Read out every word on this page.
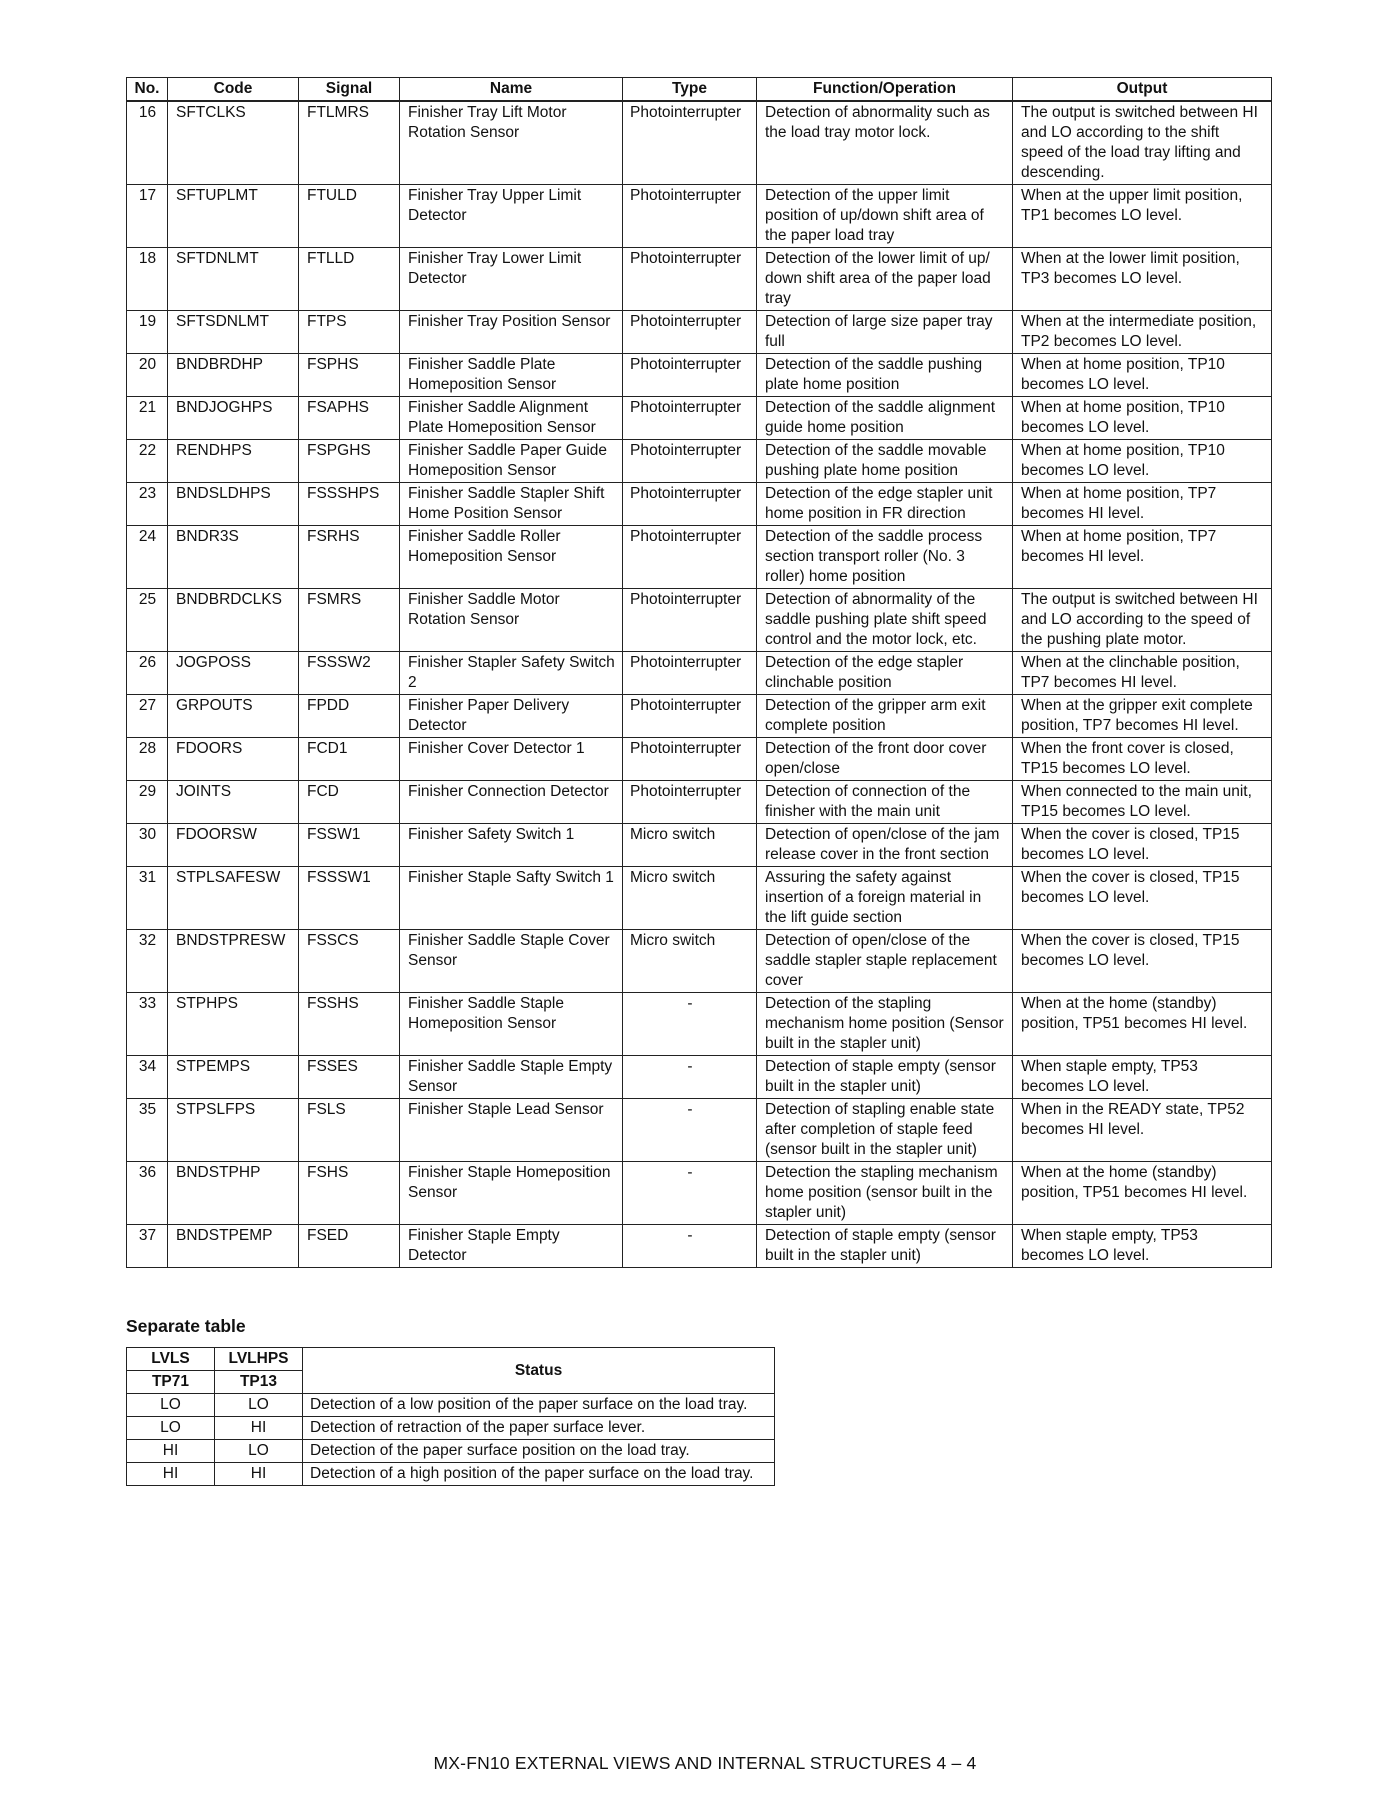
No.	Code	Signal	Name	Type	Function/Operation	Output
16	SFTCLKS	FTLMRS	Finisher Tray Lift Motor Rotation Sensor	Photointerrupter	Detection of abnormality such as the load tray motor lock.	The output is switched between HI and LO according to the shift speed of the load tray lifting and descending.
17	SFTUPLMT	FTULD	Finisher Tray Upper Limit Detector	Photointerrupter	Detection of the upper limit position of up/down shift area of the paper load tray	When at the upper limit position, TP1 becomes LO level.
18	SFTDNLMT	FTLLD	Finisher Tray Lower Limit Detector	Photointerrupter	Detection of the lower limit of up/ down shift area of the paper load tray	When at the lower limit position, TP3 becomes LO level.
19	SFTSDNLMT	FTPS	Finisher Tray Position Sensor	Photointerrupter	Detection of large size paper tray full	When at the intermediate position, TP2 becomes LO level.
20	BNDBRDHP	FSPHS	Finisher Saddle Plate Homeposition Sensor	Photointerrupter	Detection of the saddle pushing plate home position	When at home position, TP10 becomes LO level.
21	BNDJOGHPS	FSAPHS	Finisher Saddle Alignment Plate Homeposition Sensor	Photointerrupter	Detection of the saddle alignment guide home position	When at home position, TP10 becomes LO level.
22	RENDHPS	FSPGHS	Finisher Saddle Paper Guide Homeposition Sensor	Photointerrupter	Detection of the saddle movable pushing plate home position	When at home position, TP10 becomes LO level.
23	BNDSLDHPS	FSSSHPS	Finisher Saddle Stapler Shift Home Position Sensor	Photointerrupter	Detection of the edge stapler unit home position in FR direction	When at home position, TP7 becomes HI level.
24	BNDR3S	FSRHS	Finisher Saddle Roller Homeposition Sensor	Photointerrupter	Detection of the saddle process section transport roller (No. 3 roller) home position	When at home position, TP7 becomes HI level.
25	BNDBRDCLKS	FSMRS	Finisher Saddle Motor Rotation Sensor	Photointerrupter	Detection of abnormality of the saddle pushing plate shift speed control and the motor lock, etc.	The output is switched between HI and LO according to the speed of the pushing plate motor.
26	JOGPOSS	FSSSW2	Finisher Stapler Safety Switch 2	Photointerrupter	Detection of the edge stapler clinchable position	When at the clinchable position, TP7 becomes HI level.
27	GRPOUTS	FPDD	Finisher Paper Delivery Detector	Photointerrupter	Detection of the gripper arm exit complete position	When at the gripper exit complete position, TP7 becomes HI level.
28	FDOORS	FCD1	Finisher Cover Detector 1	Photointerrupter	Detection of the front door cover open/close	When the front cover is closed, TP15 becomes LO level.
29	JOINTS	FCD	Finisher Connection Detector	Photointerrupter	Detection of connection of the finisher with the main unit	When connected to the main unit, TP15 becomes LO level.
30	FDOORSW	FSSW1	Finisher Safety Switch 1	Micro switch	Detection of open/close of the jam release cover in the front section	When the cover is closed, TP15 becomes LO level.
31	STPLSAFESW	FSSSW1	Finisher Staple Safty Switch 1	Micro switch	Assuring the safety against insertion of a foreign material in the lift guide section	When the cover is closed, TP15 becomes LO level.
32	BNDSTPRESW	FSSCS	Finisher Saddle Staple Cover Sensor	Micro switch	Detection of open/close of the saddle stapler staple replacement cover	When the cover is closed, TP15 becomes LO level.
33	STPHPS	FSSHS	Finisher Saddle Staple Homeposition Sensor	-	Detection of the stapling mechanism home position (Sensor built in the stapler unit)	When at the home (standby) position, TP51 becomes HI level.
34	STPEMPS	FSSES	Finisher Saddle Staple Empty Sensor	-	Detection of staple empty (sensor built in the stapler unit)	When staple empty, TP53 becomes LO level.
35	STPSLFPS	FSLS	Finisher Staple Lead Sensor	-	Detection of stapling enable state after completion of staple feed (sensor built in the stapler unit)	When in the READY state, TP52 becomes HI level.
36	BNDSTPHP	FSHS	Finisher Staple Homeposition Sensor	-	Detection the stapling mechanism home position (sensor built in the stapler unit)	When at the home (standby) position, TP51 becomes HI level.
37	BNDSTPEMP	FSED	Finisher Staple Empty Detector	-	Detection of staple empty (sensor built in the stapler unit)	When staple empty, TP53 becomes LO level.
Separate table
LVLS	LVLHPS	Status
TP71	TP13	
LO	LO	Detection of a low position of the paper surface on the load tray.
LO	HI	Detection of retraction of the paper surface lever.
HI	LO	Detection of the paper surface position on the load tray.
HI	HI	Detection of a high position of the paper surface on the load tray.
MX-FN10 EXTERNAL VIEWS AND INTERNAL STRUCTURES 4 – 4
